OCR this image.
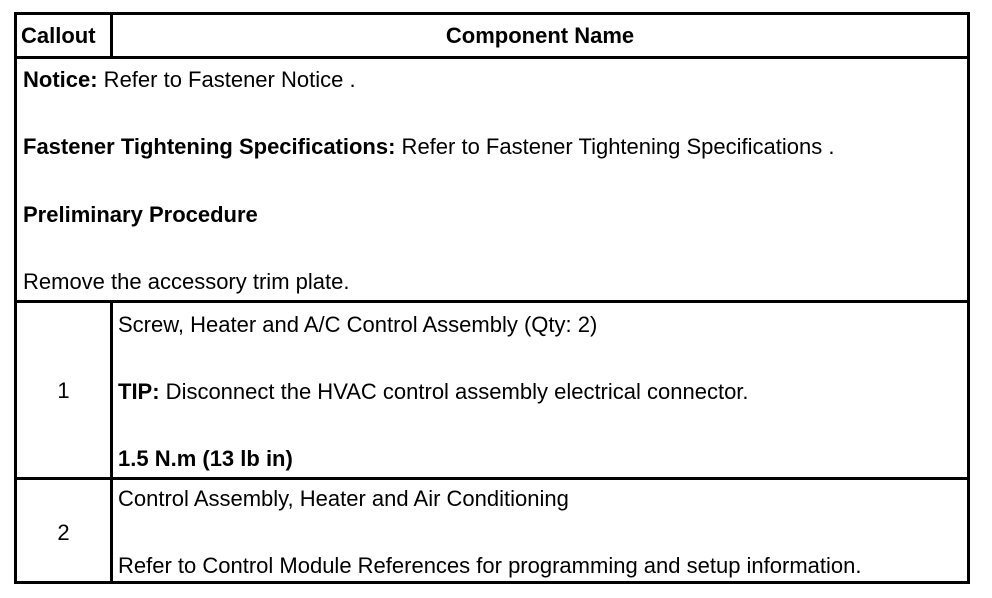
Callout	Component Name
Notice: Refer to Fastener Notice .
Fastener Tightening Specifications: Refer to Fastener Tightening Specifications .
Preliminary Procedure
Remove the accessory trim plate.
1
Screw, Heater and A/C Control Assembly (Qty: 2)
TIP: Disconnect the HVAC control assembly electrical connector.
1.5 N.m (13 lb in)
2
Control Assembly, Heater and Air Conditioning
Refer to Control Module References for programming and setup information.
